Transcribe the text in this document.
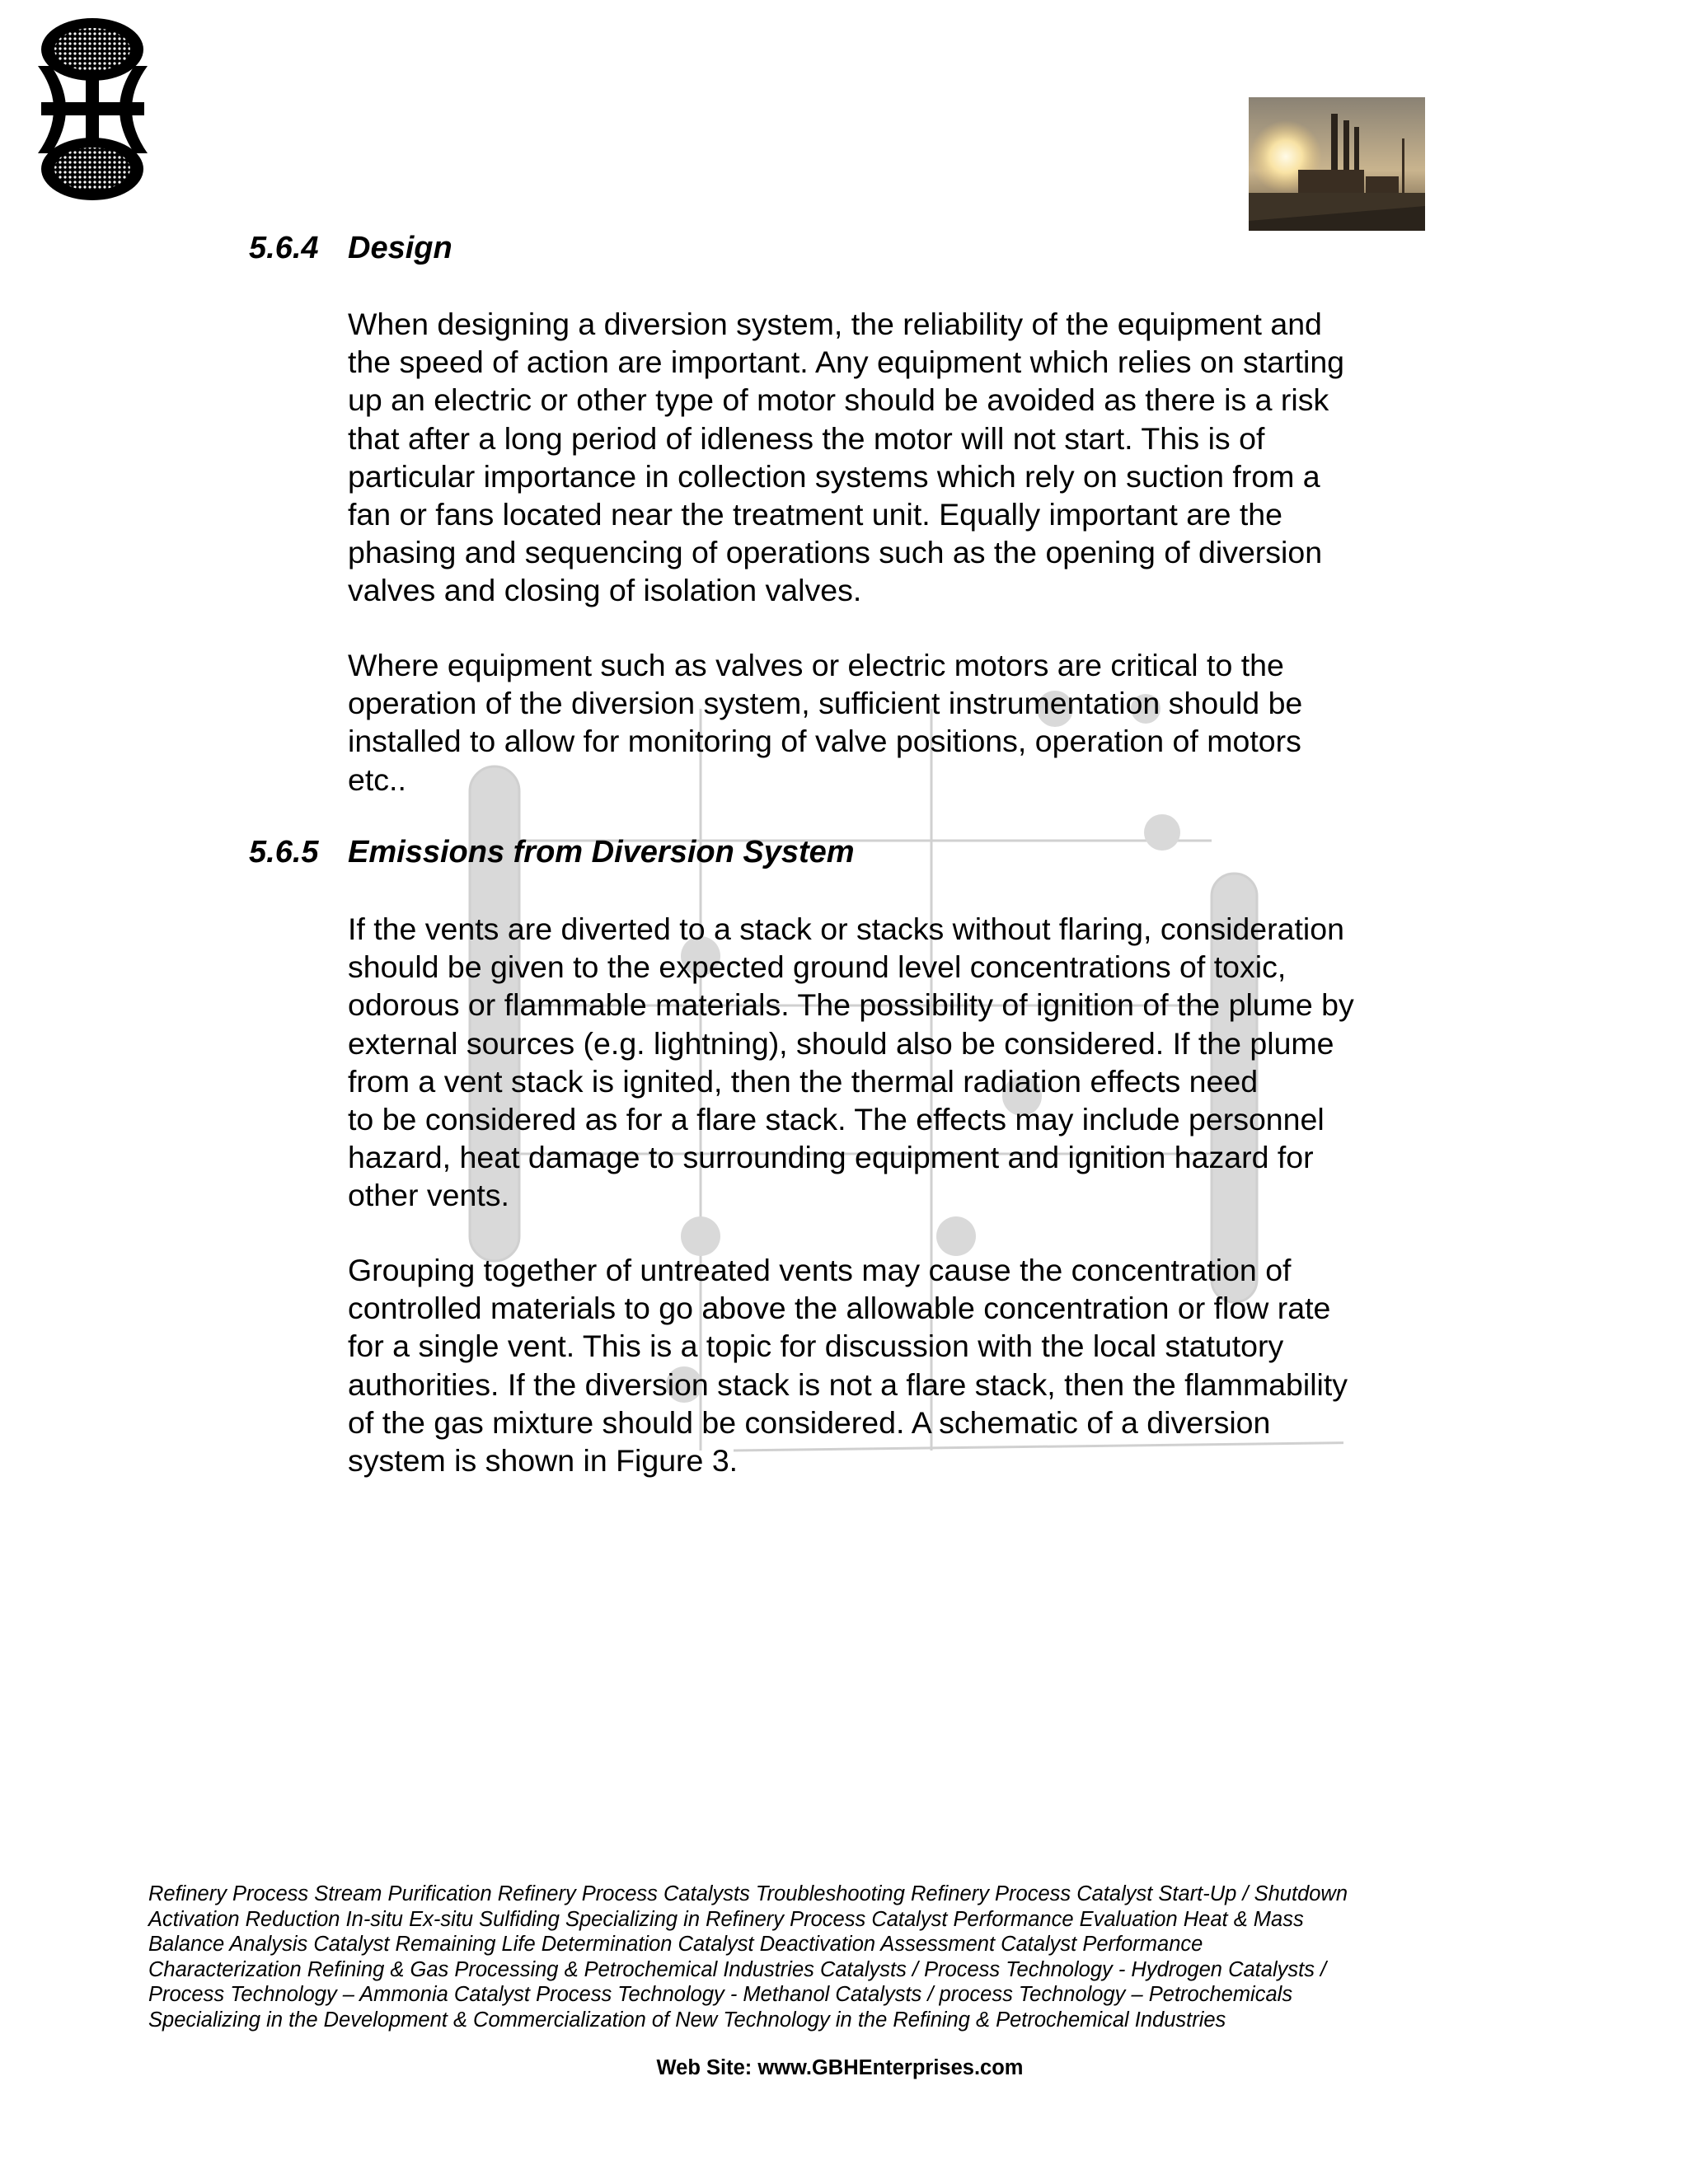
5.6.4 Design

When designing a diversion system, the reliability of the equipment and
the speed of action are important. Any equipment which relies on starting
up an electric or other type of motor should be avoided as there is a risk
that after a long period of idleness the motor will not start. This is of
particular importance in collection systems which rely on suction from a
fan or fans located near the treatment unit. Equally important are the
phasing and sequencing of operations such as the opening of diversion
valves and closing of isolation valves.

Where equipment such as valves or electric motors are critical to the
operation of the diversion system, sufficient instrumentation should be
installed to allow for monitoring of valve positions, operation of motors
etc..

5.6.5 Emissions from Diversion System

If the vents are diverted to a stack or stacks without flaring, consideration
should be given to the expected ground level concentrations of toxic,
odorous or flammable materials. The possibility of ignition of the plume by
external sources (e.g. lightning), should also be considered. If the plume
from a vent stack is ignited, then the thermal radiation effects need
to be considered as for a flare stack. The effects may include personnel
hazard, heat damage to surrounding equipment and ignition hazard for
other vents.

Grouping together of untreated vents may cause the concentration of
controlled materials to go above the allowable concentration or flow rate
for a single vent. This is a topic for discussion with the local statutory
authorities. If the diversion stack is not a flare stack, then the flammability
of the gas mixture should be considered. A schematic of a diversion
system is shown in Figure 3.

Refinery Process Stream Purification Refinery Process Catalysts Troubleshooting Refinery Process Catalyst Start-Up / Shutdown
Activation Reduction In-situ Ex-situ Sulfiding Specializing in Refinery Process Catalyst Performance Evaluation Heat & Mass
Balance Analysis Catalyst Remaining Life Determination Catalyst Deactivation Assessment Catalyst Performance
Characterization Refining & Gas Processing & Petrochemical Industries Catalysts / Process Technology - Hydrogen Catalysts /
Process Technology – Ammonia Catalyst Process Technology - Methanol Catalysts / process Technology – Petrochemicals
Specializing in the Development & Commercialization of New Technology in the Refining & Petrochemical Industries

Web Site: www.GBHEnterprises.com
